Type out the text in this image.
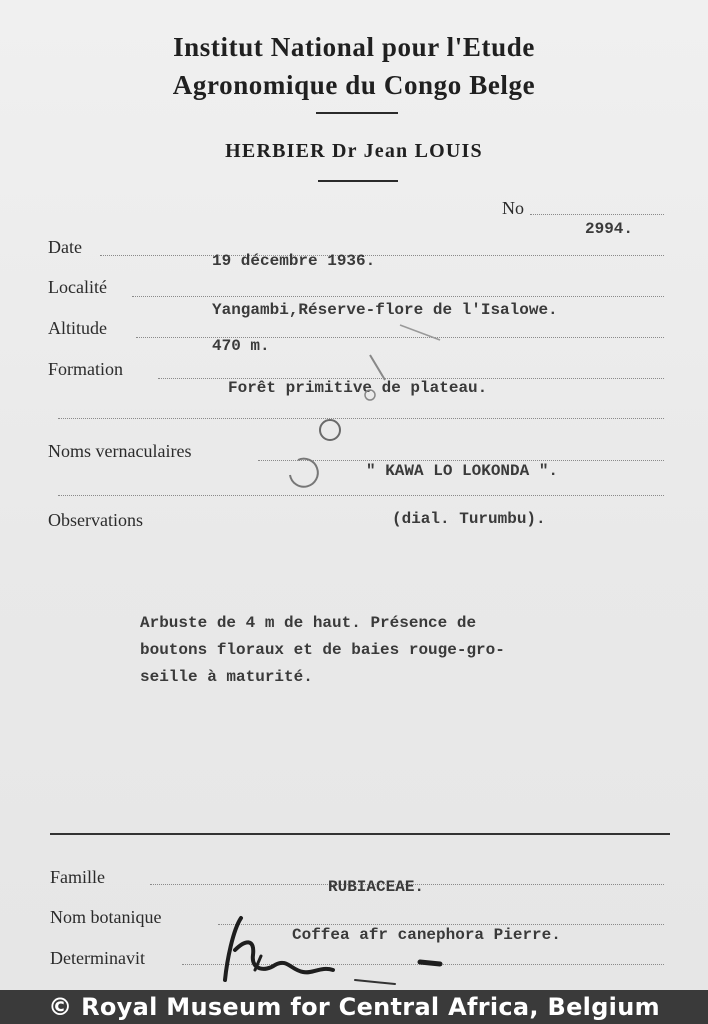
Institut National pour l'Etude
Agronomique du Congo Belge
HERBIER Dr Jean LOUIS
No
2994.
Date
19 décembre 1936.
Localité
Yangambi,Réserve-flore de l'Isalowe.
Altitude
470 m.
Formation
Forêt primitive de plateau.
Noms vernaculaires
" KAWA LO LOKONDA ".
Observations	(dial. Turumbu).
Arbuste de 4 m de haut. Présence de
boutons floraux et de baies rouge-gro-
seille à maturité.
Famille	RUBIACEAE.
Nom botanique
Coffea afr canephora Pierre.
Determinavit
© Royal Museum for Central Africa, Belgium
